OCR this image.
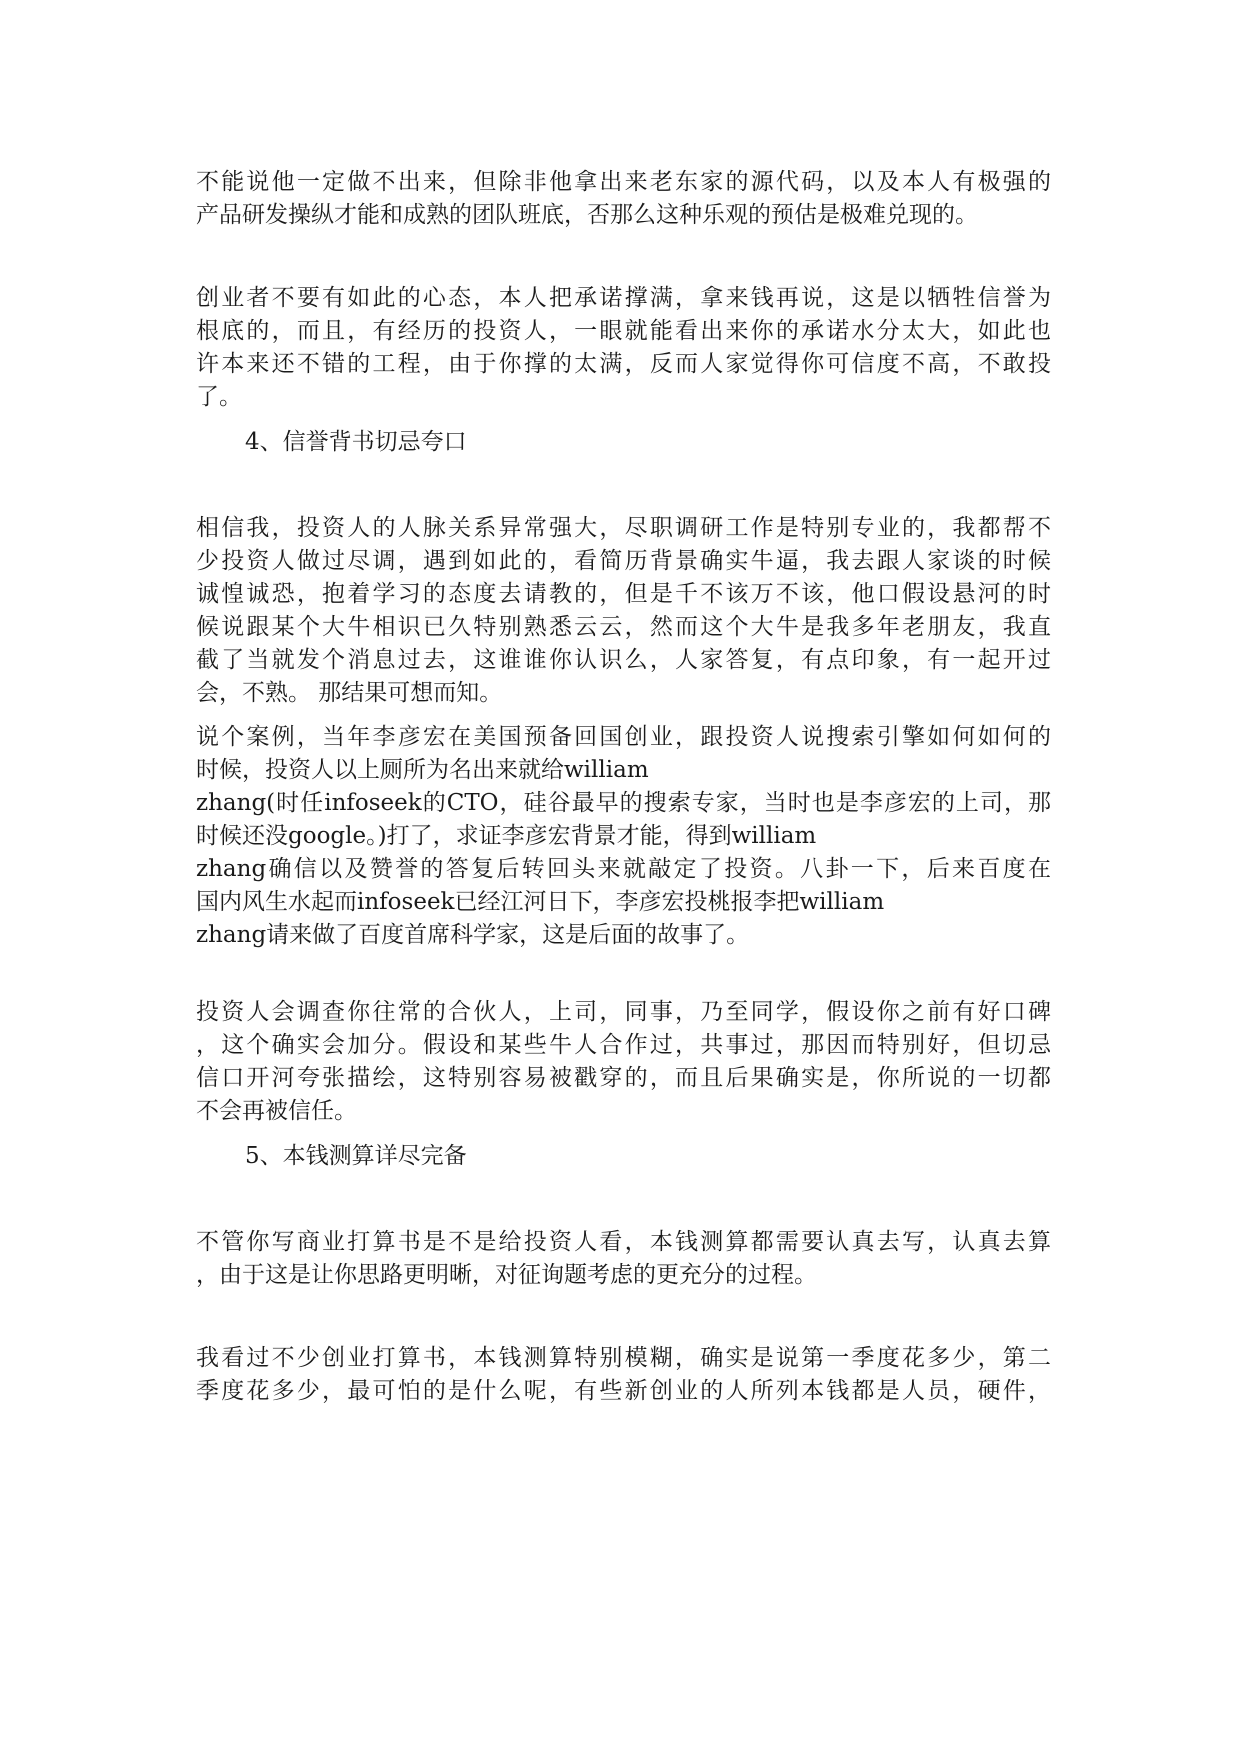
不能说他一定做不出来，但除非他拿出来老东家的源代码，以及本人有极强的
产品研发操纵才能和成熟的团队班底，否那么这种乐观的预估是极难兑现的。
创业者不要有如此的心态，本人把承诺撑满，拿来钱再说，这是以牺牲信誉为
根底的，而且，有经历的投资人，一眼就能看出来你的承诺水分太大，如此也
许本来还不错的工程，由于你撑的太满，反而人家觉得你可信度不高，不敢投
了。
4、信誉背书切忌夸口
相信我，投资人的人脉关系异常强大，尽职调研工作是特别专业的，我都帮不
少投资人做过尽调，遇到如此的，看简历背景确实牛逼，我去跟人家谈的时候
诚惶诚恐，抱着学习的态度去请教的，但是千不该万不该，他口假设悬河的时
候说跟某个大牛相识已久特别熟悉云云，然而这个大牛是我多年老朋友，我直
截了当就发个消息过去，这谁谁你认识么，人家答复，有点印象，有一起开过
会，不熟。 那结果可想而知。
说个案例，当年李彦宏在美国预备回国创业，跟投资人说搜索引擎如何如何的
时候，投资人以上厕所为名出来就给william
zhang(时任infoseek的CTO，硅谷最早的搜索专家，当时也是李彦宏的上司，那
时候还没google。)打了，求证李彦宏背景才能，得到william
zhang确信以及赞誉的答复后转回头来就敲定了投资。八卦一下，后来百度在
国内风生水起而infoseek已经江河日下，李彦宏投桃报李把william
zhang请来做了百度首席科学家，这是后面的故事了。
投资人会调查你往常的合伙人，上司，同事，乃至同学，假设你之前有好口碑
，这个确实会加分。假设和某些牛人合作过，共事过，那因而特别好，但切忌
信口开河夸张描绘，这特别容易被戳穿的，而且后果确实是，你所说的一切都
不会再被信任。
5、本钱测算详尽完备
不管你写商业打算书是不是给投资人看，本钱测算都需要认真去写，认真去算
，由于这是让你思路更明晰，对征询题考虑的更充分的过程。
我看过不少创业打算书，本钱测算特别模糊，确实是说第一季度花多少，第二
季度花多少，最可怕的是什么呢，有些新创业的人所列本钱都是人员，硬件，
